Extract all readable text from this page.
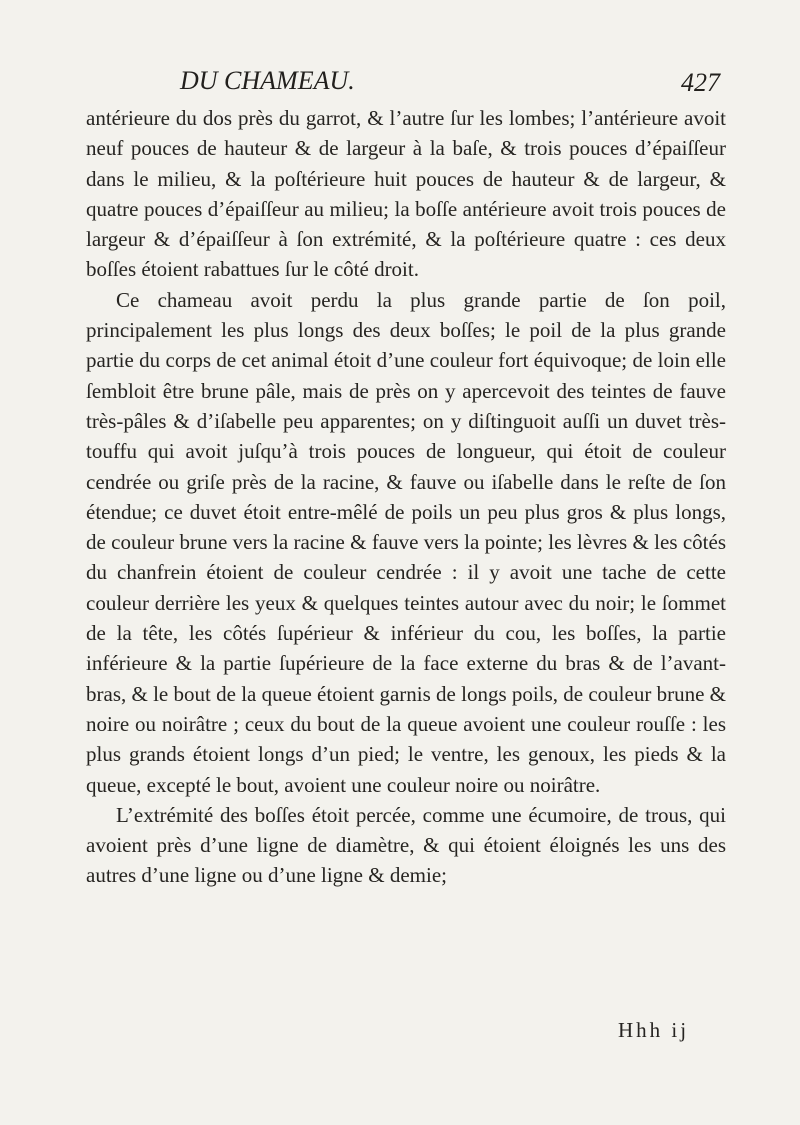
DU CHAMEAU.	427

antérieure du dos près du garrot, & l’autre ſur les lombes; l’antérieure avoit neuf pouces de hauteur & de largeur à la baſe, & trois pouces d’épaiſſeur dans le milieu, & la poſtérieure huit pouces de hauteur & de largeur, & quatre pouces d’épaiſſeur au milieu; la boſſe antérieure avoit trois pouces de largeur & d’épaiſſeur à ſon extrémité, & la poſtérieure quatre : ces deux boſſes étoient rabattues ſur le côté droit.

Ce chameau avoit perdu la plus grande partie de ſon poil, principalement les plus longs des deux boſſes; le poil de la plus grande partie du corps de cet animal étoit d’une couleur fort équivoque; de loin elle ſembloit être brune pâle, mais de près on y apercevoit des teintes de fauve très-pâles & d’iſabelle peu apparentes; on y diſtinguoit auſſi un duvet très-touffu qui avoit juſqu’à trois pouces de longueur, qui étoit de couleur cendrée ou griſe près de la racine, & fauve ou iſabelle dans le reſte de ſon étendue; ce duvet étoit entre-mêlé de poils un peu plus gros & plus longs, de couleur brune vers la racine & fauve vers la pointe; les lèvres & les côtés du chanfrein étoient de couleur cendrée : il y avoit une tache de cette couleur derrière les yeux & quelques teintes autour avec du noir; le ſommet de la tête, les côtés ſupérieur & inférieur du cou, les boſſes, la partie inférieure & la partie ſupérieure de la face externe du bras & de l’avant-bras, & le bout de la queue étoient garnis de longs poils, de couleur brune & noire ou noirâtre ; ceux du bout de la queue avoient une couleur rouſſe : les plus grands étoient longs d’un pied; le ventre, les genoux, les pieds & la queue, excepté le bout, avoient une couleur noire ou noirâtre.

L’extrémité des boſſes étoit percée, comme une écumoire, de trous, qui avoient près d’une ligne de diamètre, & qui étoient éloignés les uns des autres d’une ligne ou d’une ligne & demie;

Hhh ij
